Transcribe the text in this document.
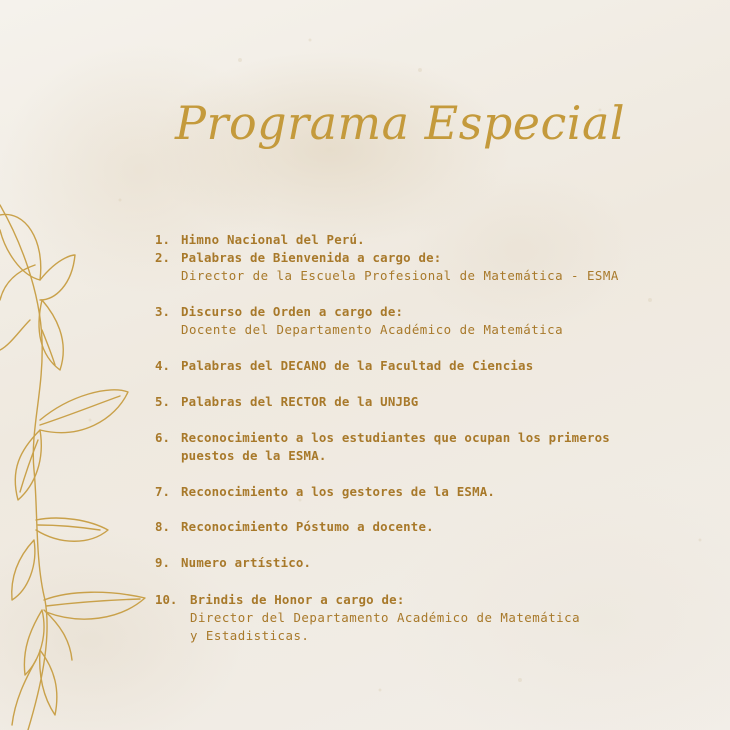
Programa Especial
1. Himno Nacional del Perú.
2. Palabras de Bienvenida a cargo de:
Director de la Escuela Profesional de Matemática - ESMA
3. Discurso de Orden a cargo de:
Docente del Departamento Académico de Matemática
4. Palabras del DECANO de la Facultad de Ciencias
5. Palabras del RECTOR de la UNJBG
6. Reconocimiento a los estudiantes que ocupan los primeros
puestos de la ESMA.
7. Reconocimiento a los gestores de la ESMA.
8. Reconocimiento Póstumo a docente.
9. Numero artístico.
10. Brindis de Honor a cargo de:
Director del Departamento Académico de Matemática
y Estadisticas.
